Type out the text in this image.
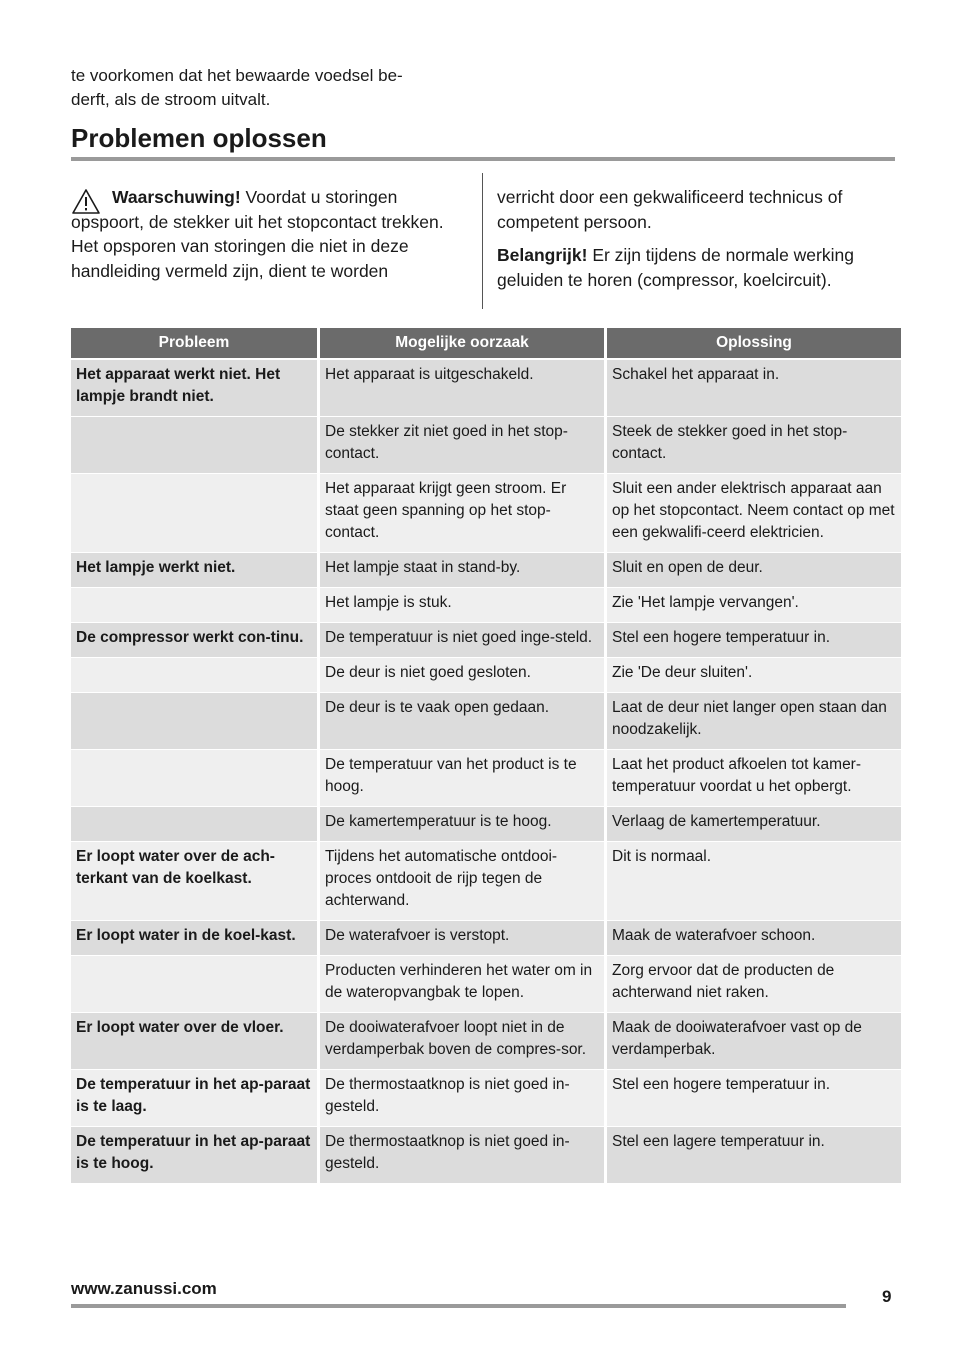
te voorkomen dat het bewaarde voedsel be-
derft, als de stroom uitvalt.
Problemen oplossen

Waarschuwing! Voordat u storingen opspoort, de stekker uit het stopcontact trekken.

Het opsporen van storingen die niet in deze handleiding vermeld zijn, dient te worden

verricht door een gekwalificeerd technicus of competent persoon.

Belangrijk! Er zijn tijdens de normale werking geluiden te horen (compressor, koelcircuit).

Probleem	Mogelijke oorzaak	Oplossing
Het apparaat werkt niet. Het lampje brandt niet.	Het apparaat is uitgeschakeld.	Schakel het apparaat in.
	De stekker zit niet goed in het stop-contact.	Steek de stekker goed in het stop-contact.
	Het apparaat krijgt geen stroom. Er staat geen spanning op het stop-contact.	Sluit een ander elektrisch apparaat aan op het stopcontact. Neem contact op met een gekwalifi-ceerd elektricien.
Het lampje werkt niet.	Het lampje staat in stand-by.	Sluit en open de deur.
	Het lampje is stuk.	Zie 'Het lampje vervangen'.
De compressor werkt con-tinu.	De temperatuur is niet goed inge-steld.	Stel een hogere temperatuur in.
	De deur is niet goed gesloten.	Zie 'De deur sluiten'.
	De deur is te vaak open gedaan.	Laat de deur niet langer open staan dan noodzakelijk.
	De temperatuur van het product is te hoog.	Laat het product afkoelen tot kamer-temperatuur voordat u het opbergt.
	De kamertemperatuur is te hoog.	Verlaag de kamertemperatuur.
Er loopt water over de ach-terkant van de koelkast.	Tijdens het automatische ontdooi-proces ontdooit de rijp tegen de achterwand.	Dit is normaal.
Er loopt water in de koel-kast.	De waterafvoer is verstopt.	Maak de waterafvoer schoon.
	Producten verhinderen het water om in de wateropvangbak te lopen.	Zorg ervoor dat de producten de achterwand niet raken.
Er loopt water over de vloer.	De dooiwaterafvoer loopt niet in de verdamperbak boven de compres-sor.	Maak de dooiwaterafvoer vast op de verdamperbak.
De temperatuur in het ap-paraat is te laag.	De thermostaatknop is niet goed in-gesteld.	Stel een hogere temperatuur in.
De temperatuur in het ap-paraat is te hoog.	De thermostaatknop is niet goed in-gesteld.	Stel een lagere temperatuur in.

www.zanussi.com	9
